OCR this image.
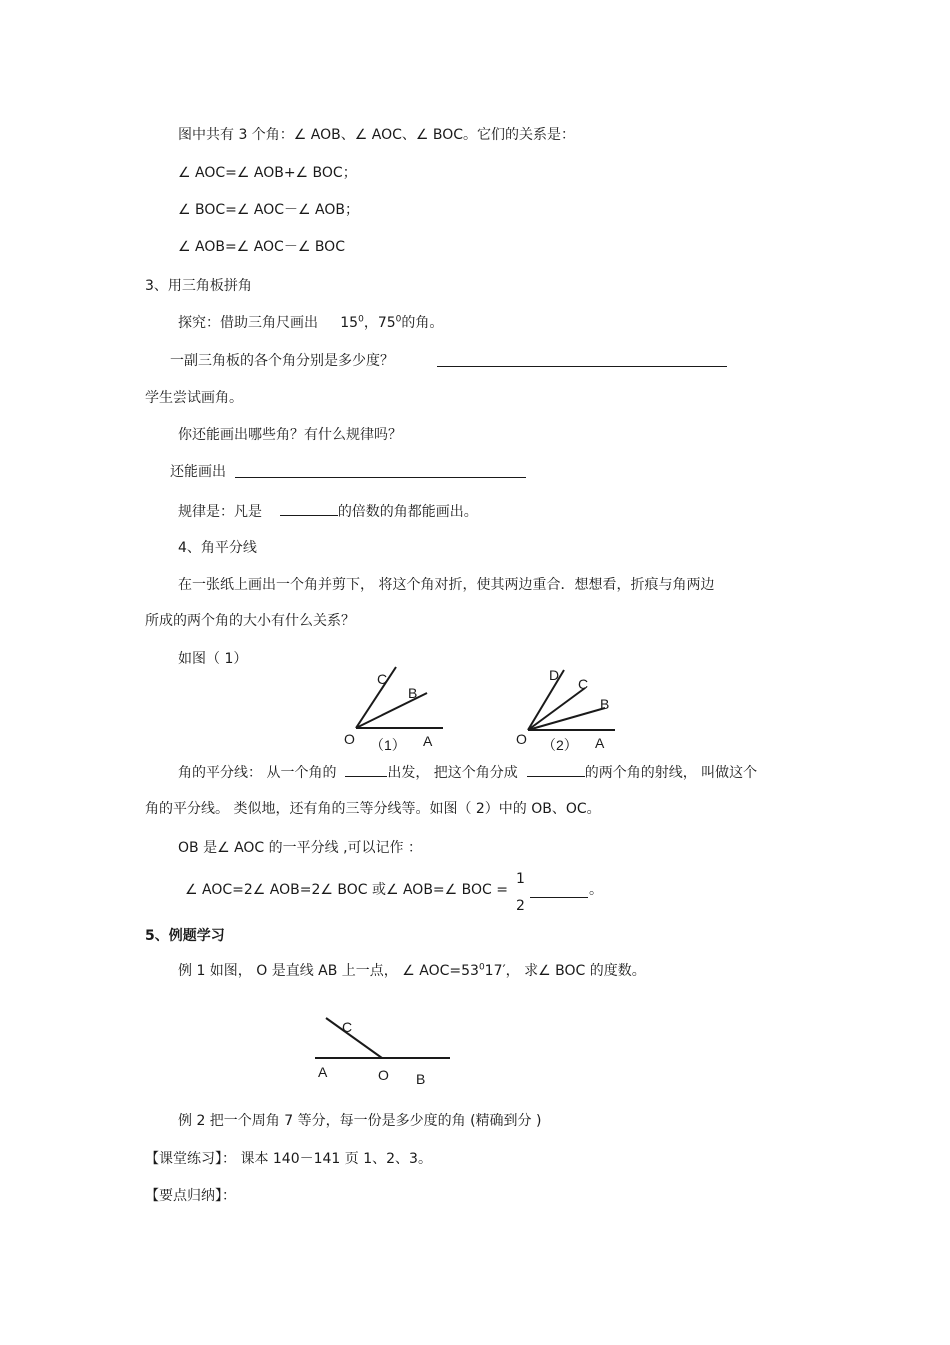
图中共有 3 个角：∠ AOB、∠ AOC、∠ BOC。它们的关系是：
∠ AOC=∠ AOB+∠ BOC；
∠ BOC=∠ AOC－∠ AOB；
∠ AOB=∠ AOC－∠ BOC
3、用三角板拼角
探究：借助三角尺画出 $15^0$，$75^0$的角。
一副三角板的各个角分别是多少度？
学生尝试画角。
你还能画出哪些角？有什么规律吗？
还能画出
规律是：凡是	的倍数的角都能画出。
4、角平分线
在一张纸上画出一个角并剪下， 将这个角对折，使其两边重合．想想看，折痕与角两边
所成的两个角的大小有什么关系？
如图（ 1）
C
B
O	A
（1）
D
C
B
O	A
（2）
角的平分线： 从一个角的	出发， 把这个角分成	的两个角的射线， 叫做这个
角的平分线。 类似地，还有角的三等分线等。如图（ 2）中的 OB、OC。
OB 是∠ AOC 的一平分线 ,可以记作 ：
∠ AOC=2∠ AOB=2∠ BOC 或∠ AOB=∠ BOC =
1
2
。
5、例题学习
例 1 如图， O 是直线 AB 上一点， ∠ $AOC=53^017'$， 求∠ BOC 的度数。
C
A	O B
例 2 把一个周角 7 等分，每一份是多少度的角 (精确到分 )
【课堂练习】： 课本 140－141 页 1、2、3。
【要点归纳】：
